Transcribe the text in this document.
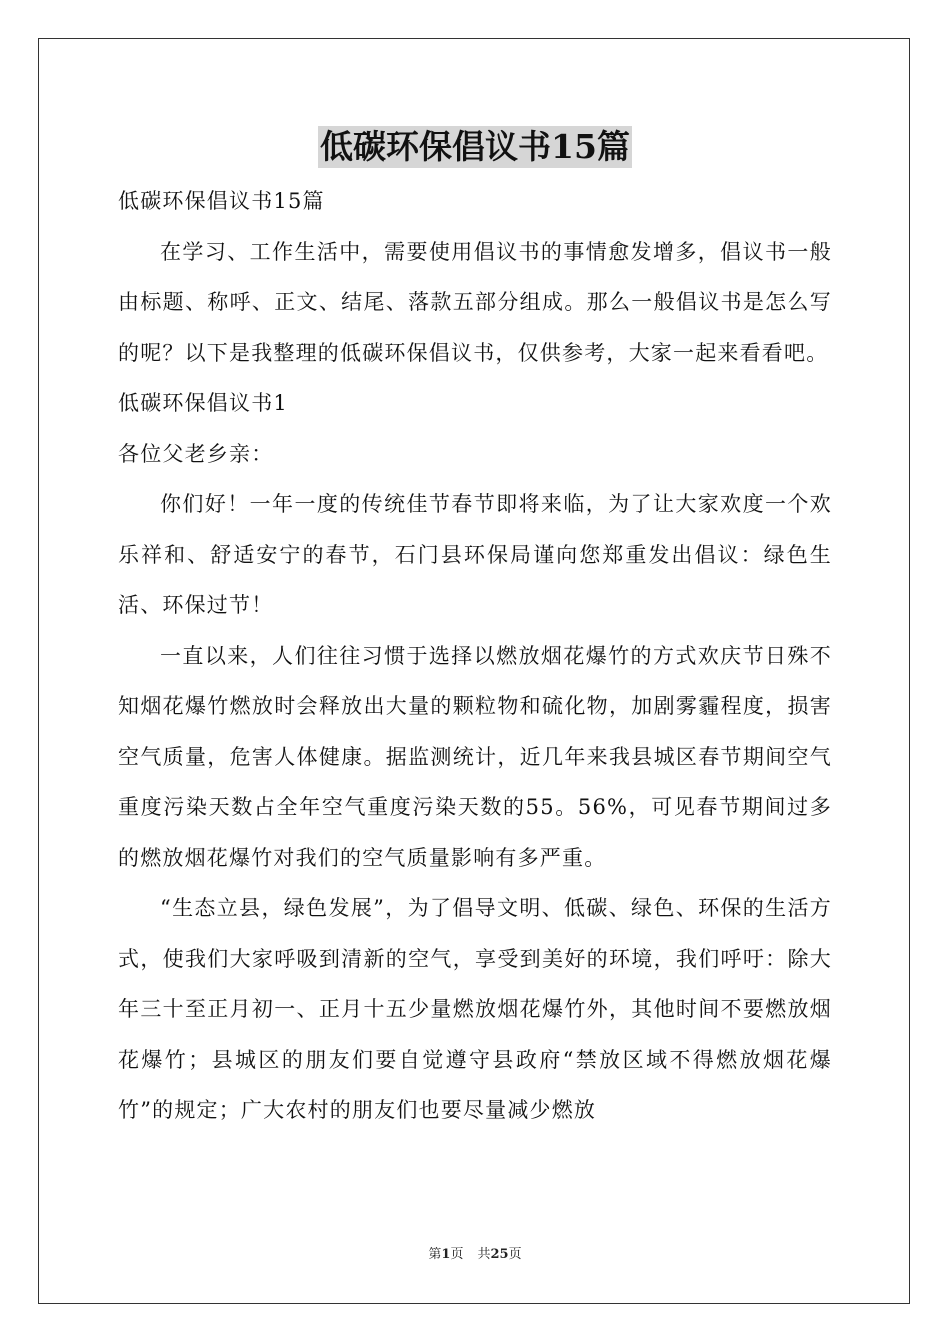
低碳环保倡议书15篇

低碳环保倡议书15篇

在学习、工作生活中，需要使用倡议书的事情愈发增多，倡议书一般由标题、称呼、正文、结尾、落款五部分组成。那么一般倡议书是怎么写的呢？以下是我整理的低碳环保倡议书，仅供参考，大家一起来看看吧。

低碳环保倡议书1

各位父老乡亲：

你们好！一年一度的传统佳节春节即将来临，为了让大家欢度一个欢乐祥和、舒适安宁的春节，石门县环保局谨向您郑重发出倡议：绿色生活、环保过节！

一直以来，人们往往习惯于选择以燃放烟花爆竹的方式欢庆节日殊不知烟花爆竹燃放时会释放出大量的颗粒物和硫化物，加剧雾霾程度，损害空气质量，危害人体健康。据监测统计，近几年来我县城区春节期间空气重度污染天数占全年空气重度污染天数的55。56%，可见春节期间过多的燃放烟花爆竹对我们的空气质量影响有多严重。

“生态立县，绿色发展”，为了倡导文明、低碳、绿色、环保的生活方式，使我们大家呼吸到清新的空气，享受到美好的环境，我们呼吁：除大年三十至正月初一、正月十五少量燃放烟花爆竹外，其他时间不要燃放烟花爆竹；县城区的朋友们要自觉遵守县政府“禁放区域不得燃放烟花爆竹”的规定；广大农村的朋友们也要尽量减少燃放

第1页 共25页
